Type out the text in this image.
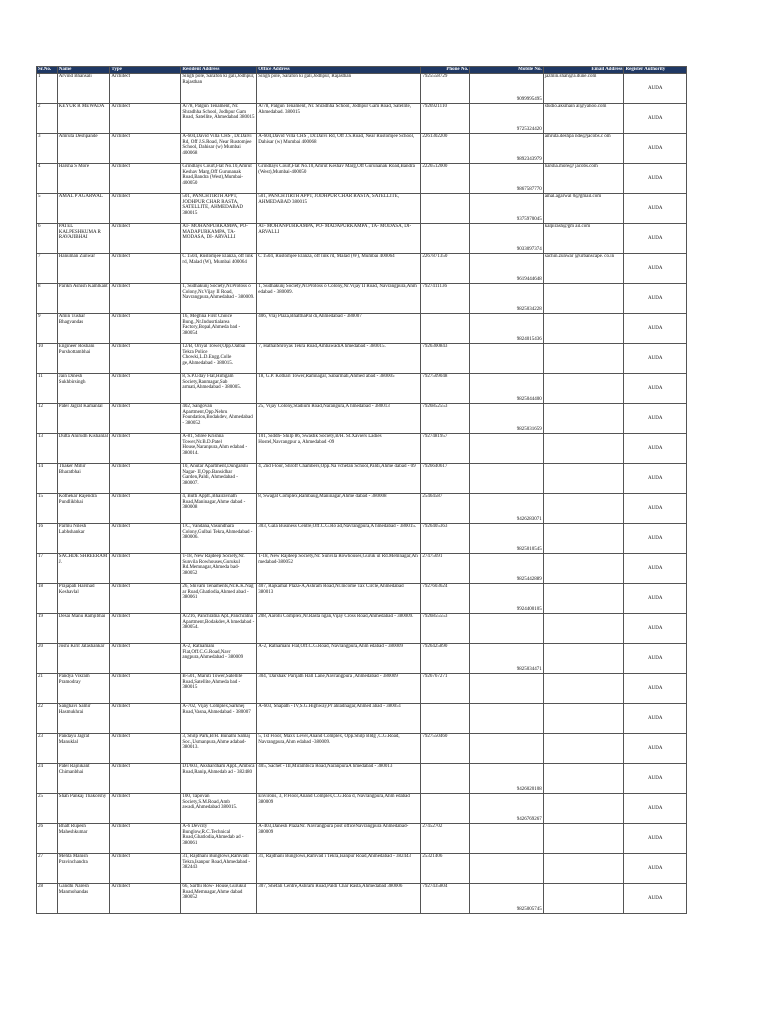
Sr.No.	Name	Type	Resident Address	Office Address	Phone No.	Mobile No.	Email Address	Register Authority
1	Arvind Bhansali	Architect	Singh pole, Sarafon ki gali,Jodhpur, Rajasthan	Singh pole, Sarafon ki gali,Jodhpur, Rajasthan	7925558729	9099995495	jazmin.shah@a.dune.com	AUDA
2	KEYUR R MEWADA	Architect	A/78, Palgun Tenament, Nr. Shradhha School, Jodhpur Gam Road, Satellite, Ahmedabad 380015	A/78, Palgun Tenament, Nr. Shradhha School, Jodhpur Gam Road, Satellite, Ahmedabad. 380015	7926921110	9725324420	studio.aksmain al@yahoo.com	AUDA
3	Amruta Deshpande	Architect	A-604,David Villa CHS , Dr.Dalvi Rd, Off J.S.Road, Near Rustomjee School, Dahisar (w) Mumbai 400068	A-604,David Villa CHS , Dr.Dalvi Rd, Off J.S.Road, Near Rustomjee School, Dahisar (w) Mumbai 400068	2261302200	9892343979	amruta.deshpa nde@jacobs.c om	AUDA
4	Harsha S More	Architect	Grindlays Court,Flat No.10,Amrut Keshav Marg,Off Gurunanak Road,Bandra (West),Mumbai-400050	Grindlays Court,Flat No.10,Amrut Keshav Marg,Off Gurunanak Road,Bandra (West),Mumbai-400050	2226512000	9867587770	harsha.more@ jacobs.com	AUDA
5	AMAL P AGARWAL	Architect	501, PANCHTIRTH APPT, JODHPUR CHAR RASTA, SATELLITE, AHMEDABAD 380015	501, PANCHTIRTH APPT, JODHPUR CHAR RASTA, SATELLITE, AHMEDABAD 380015		9375970045	amal.agarwal 0@gmail.com	AUDA
6	PATEL KALPESHKUMA R RAVAJIBHAI	Architect	AT- MOHANPURKAMPA, PO- MADAPURKAMPA, TA- MODASA, DI- ARVALLI	AT- MOHANPURKAMPA, PO- MADAPURKAMPA , TA- MODASA, DI- ARVALLI		9033097374	kalpirash@gm ail.com	AUDA
7	Hanuman Zunwar	Architect	C 1504, Rustomjee Elanza, off link rd, Malad (W), Mumbai 400064	C 1504, Rustomjee Elanza, off link rd, Malad (W), Mumbai 400064	2267871350	9619444648	sachin.zunwar @urbanscape. co.in	AUDA
8	Parikh Ashish Kamlkant	Architect	1, Sudhakunj Society,Nr.Protoss o Colony,Nr.Vijay II Road, Navrangpura,Ahmedabad - 380009.	1, Sudhakunj Society,Nr.Protoss o Colony,Nr.Vijay II Road, Navrangpura,Ahm edabad - 380009.	7927411136	9825034228		AUDA
9	Amin Tushar Bhagvandas	Architect	16, Meghna First Choice Bung.,Nr.Indusrtialarea Factory,Bopal,Ahmeda bad - 380054	406, Vraj Plaza,BhatthaPal di,Ahmedabad - 380007		9824015436		AUDA
10	Engineer Roshani Purshottambhai	Architect	12/B, Oriyal Tower,Opp.Oalbai Tekra Police Chowki,L.D.Engg.Colle ge,Ahmedabad - 380015.	7, HathalShroyas Tekra Road,AmbawadiA hmedabad - 380015.	7926300843			AUDA
11	Jain Dinesh Sukhbirsingh	Architect	8, S.P.Uday Flat,Himgam Society,Ranmagar,Sab armati,Ahmedabad - 380005.	18, G.P. Kothari Tower,Ramnagar, Sabarmati,Ahmed abad - 380005	7927509048	9825044400		AUDA
12	Patel Jagrat Kamanlal	Architect	402, Sangovan Apartment,Opp.Nehru Foundation,Bodakdev, Ahmedabad - 380052	25, Vijay Colony,Stadium Road,Narangura,A hmedabad - 380013	7926852553	9825031659		AUDA
13	Dutta Anirudh Kishanlal	Architect	A-81, Shree Krishna Tower,Nr.B.D.Patel House,Naranpura,Ahm edabad - 380014.	101, Siddh- Shilp 86, Swastik Society,B/H. St.Xaviers Ladies Hostel,Navrangpur a, Ahmedabad -09	7927481957			AUDA
14	Thaker Mihir Bharatbhai	Architect	10, Anutar Apartment,Dungarshi Nagar- II,Opp.Bansidhar Garden,Paldi, Ahmedabad - 380007.	4, 2nd Floor, Shroff Chambers,Opp.Na vchetan School,Paldi,Ahme dabad - 09	7926640617			AUDA
15	Kothekar Rajendra Pundlikbhai	Architect	4, Butti Apptt.,Bhairavnath Road,Maninagar,Ahme dabad - 380008	8, Swagat Complex,Rambaug,Maninagar,Ahme dabad - 380008	25464587	9426283071		AUDA
16	Parmu Nilesh Labhshankar	Architect	1/C, Vandana,Vasundhara Colony,Gulbai Tekra,Ahmedabad - 380006.	303, Gala Business Centre,Off.C.G.Ro ad,Navrangpura,A hmedabad - 380015.	7926405363	9825010545		AUDA
17	SACHDE SHREERAM J.	Architect	T-18, New Rajdeep Society,Nr. Sunvila Rowhouses,Gurukul Rd.Memnagar,Ahmeda bad- 380052	T-18, New Rajdeep Society,Nr. Sunvila Rowhouses,Guruk ul Rd.Memnagar,Ah medabad-380052	27475691	9825442889		AUDA
18	Prajapati Harshad Keshavlal	Architect	26, Shivam Tenaments,Nr.K.K.Nag ar Road,Ghatlodia,Ahmed abad - 380061	407, Rajkamal Plaza-A,Ashram Road,Nr.Income Tax Circle,Ahmedabad 380013	7927603624	9924400105		AUDA
19	Desai Manu Ramjibhai	Architect	A/216, Panchratna Apt.,Panchratna Apartment,Bodakdev,A hmedabad - 380054.	208, Aarohi Complex,Nr.Rasta ngan,Vijay Cross Road,Ahmedabad - 380009.	7926855553			AUDA
20	Joshi Kirit Jatashankar	Architect	A-2, Ratnamani Flat,Off.C.G.Road,Navr angpura,Ahmedabad - 380009	A-2, Ratnamani Flat,Off.C.G.Road, Navrangpura,Ahm edabad - 380009	7926425890	9825034471		AUDA
21	Pandya Vikram Pramodray	Architect	B-501, Maruti Tower,Satellite Road,Satellite,Ahmeda bad - 380015	304, 'Darshak' Parijath Hall Lane,Navrangpura ,Ahmedabad - 380009	7926767271			AUDA
22	Sanghavi Samir Hasmukhrai	Architect	A-702, Vijay Complex,Sarkhej Road,Vasna,Ahmedabad - 380007	A-603, Shapath - IV,S.G.Highway,Pr ahladnagar,Ahmed abad - 380051				AUDA
23	Pandayu Jagrat Manuklal	Architect	3, Shilp Park,B/H. Bunalhi Samaj Soc.,Usmanpura,Ahme adabad- 380013.	5, 1st Floor, Maxx Level,Anand Complex, Opp.Shilp Bldg ,C.G.Road, Navrangpura,Ahm edabad -380009.	7927550460			AUDA
24	Patel Rajnikant Chimanbhai	Architect	D1/603, Akshardham Appt.,Ambica Road,Ranip,Ahmedab ad - 382480	405, Sachet - III,Mirambica Road,NaranpuraA hmedabad - 380013		9426020108		AUDA
25	Shah Pankaj Thakorshy	Architect	100, Tapovan Society,S.M.Road,Amb awadi,Ahmedabad 380015.	Environs, 3, P.Floor,Anand Complex,C.G.Roa d, Navrangpura,Ahm edabad 380009		9426769267		AUDA
26	Bhatt Rupesh Maheshkumar	Architect	A-6 Devcity Bunglow,R.C.Technical Road,Ghatlodia,Ahmedab ad - 380061	A-403,Danesh PlazaNr. Navrangpura post officeNavrangpura Ahmedabad- 380009	27452702			AUDA
27	Mehta Manish Pravinchandra	Architect	31, Rajdhani Bunglows,Ramvadi Tekra,Isanpur Road,Ahmedabad - 382443	31, Rajdhani Bunglows,Ramvad i Tekra,Isanpur Road,Ahmedabad - 382443	25321406			AUDA
28	Gandhi Naresh Manmohandas	Architect	66, Sarthi Row- House,Gurukul Road,Memnagar,Ahme dabad 380052	307, Shefali Centre,Ashram Road,Paldi Char Rasta,Ahmedabad 380006	7927435804	9825005745		AUDA
